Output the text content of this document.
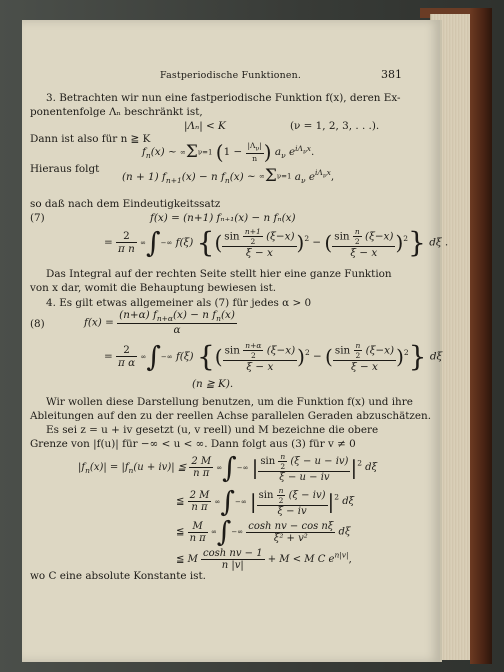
Fastperiodische Funktionen.	381
3. Betrachten wir nun eine fastperiodische Funktion f(x), deren Ex-
ponentenfolge Λₙ beschränkt ist,
|Λₙ| < K	(ν = 1, 2, 3, . . .).
Dann ist also für n ≧ K
$f_n(x)$ ~ ∞Σν=1 ($1 - \frac{|\Lambda_\nu|}{n}$ ) $a_\nu$ $e^{i\Lambda_\nu x}$.
Hieraus folgt
(n + 1) $f_{n+1}(x) - n$ $f_n(x)$ ~ ∞Σν=1 $a_\nu$ $e^{i\Lambda_\nu x}$,
so daß nach dem Eindeutigkeitssatz
(7)	f(x) = (n+1) fₙ₊₁(x) − n fₙ(x)
= $\frac{2}{\text{π n}}$ ∞∫−∞ f(ξ) {( $\frac{\sin \frac{n+1}{2} (\xi-x)}{\xi - x} )^2$ − ( $\frac{\sin \frac{n}{2} (\xi-x)}{\xi - x} )^2$} dξ .
Das Integral auf der rechten Seite stellt hier eine ganze Funktion
von x dar, womit die Behauptung bewiesen ist.
4. Es gilt etwas allgemeiner als (7) für jedes α > 0
(8)	$f(x) = \frac{(n+\alpha) f_{n+\alpha}(x) - n f_n(x)}{\alpha}$
= $\frac{2}{\text{π α}}$ ∞∫−∞ f(ξ) {( $\frac{\sin \frac{n+\alpha}{2} (\xi-x)}{\xi - x} )^2$ − ( $\frac{\sin \frac{n}{2} (\xi-x)}{\xi - x} )^2$} dξ
(n ≧ K).
Wir wollen diese Darstellung benutzen, um die Funktion f(x) und ihre
Ableitungen auf den zu der reellen Achse parallelen Geraden abzuschätzen.
Es sei z = u + iv gesetzt (u, v reell) und M bezeichne die obere
Grenze von |f(u)| für −∞ < u < ∞. Dann folgt aus (3) für v ≠ 0
$|f_n(x)| = |f_n(u + iv)|$ ≦ $\frac{2 M}{\text{n π}}$ ∞∫−∞ | $\frac{\sin \frac{n}{2} (\xi - u - iv)}{\xi - u - iv} |^2$ dξ
≦ $\frac{2 M}{\text{n π}}$ ∞∫−∞ | $\frac{\sin \frac{n}{2} (\xi - iv)}{\xi - iv} |^2$ dξ
≦ $\frac{M}{\text{n π}}$ ∞∫−∞ $\frac{\text{cosh nv − cos nξ}}{\text{ξ² + v²}}$ dξ
≦ M $\frac{\text{cosh nv − 1}}{n |v|} + M < M$ C $e^{n|v|}$,
wo C eine absolute Konstante ist.
